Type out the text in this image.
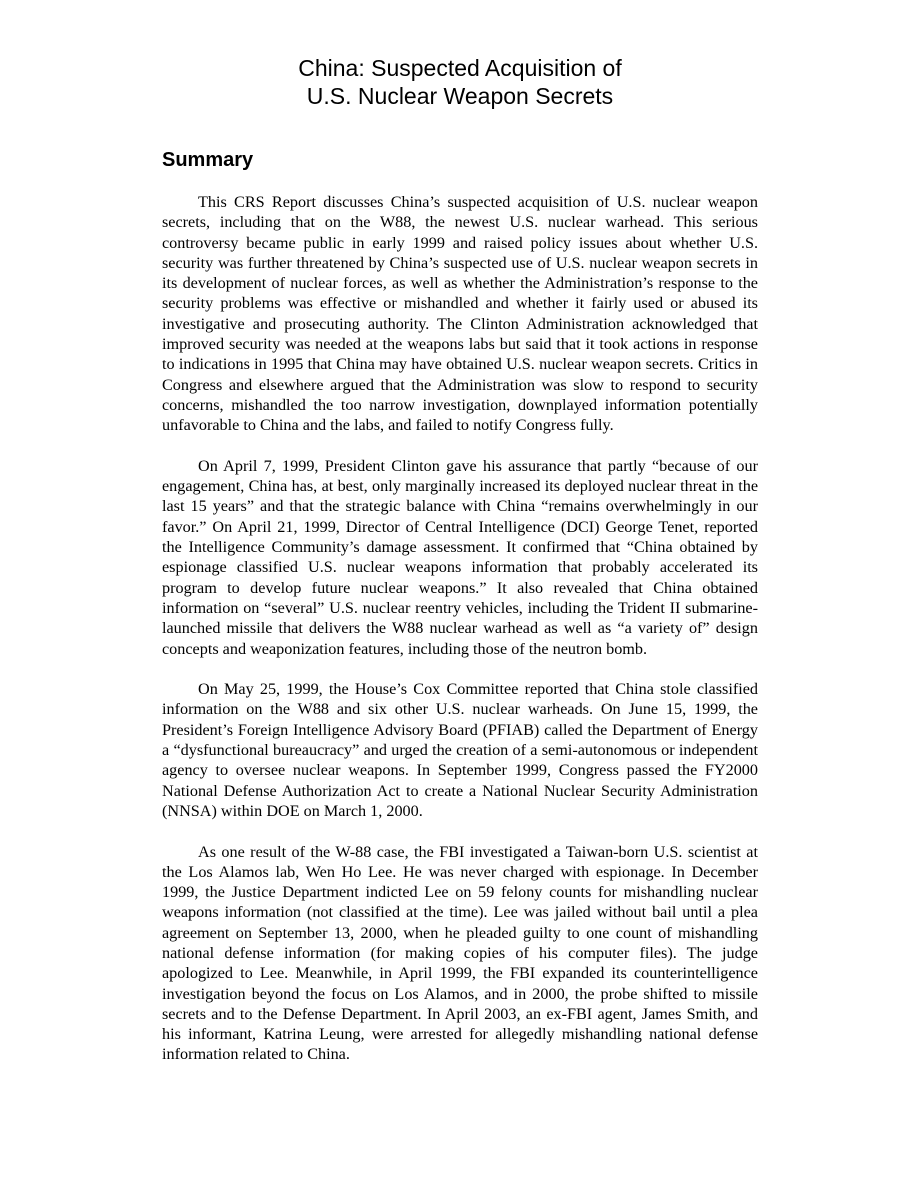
China: Suspected Acquisition of
U.S. Nuclear Weapon Secrets
Summary

This CRS Report discusses China’s suspected acquisition of U.S. nuclear weapon secrets, including that on the W88, the newest U.S. nuclear warhead. This serious controversy became public in early 1999 and raised policy issues about whether U.S. security was further threatened by China’s suspected use of U.S. nuclear weapon secrets in its development of nuclear forces, as well as whether the Administration’s response to the security problems was effective or mishandled and whether it fairly used or abused its investigative and prosecuting authority. The Clinton Administration acknowledged that improved security was needed at the weapons labs but said that it took actions in response to indications in 1995 that China may have obtained U.S. nuclear weapon secrets. Critics in Congress and elsewhere argued that the Administration was slow to respond to security concerns, mishandled the too narrow investigation, downplayed information potentially unfavorable to China and the labs, and failed to notify Congress fully.

On April 7, 1999, President Clinton gave his assurance that partly “because of our engagement, China has, at best, only marginally increased its deployed nuclear threat in the last 15 years” and that the strategic balance with China “remains overwhelmingly in our favor.” On April 21, 1999, Director of Central Intelligence (DCI) George Tenet, reported the Intelligence Community’s damage assessment. It confirmed that “China obtained by espionage classified U.S. nuclear weapons information that probably accelerated its program to develop future nuclear weapons.” It also revealed that China obtained information on “several” U.S. nuclear reentry vehicles, including the Trident II submarine-launched missile that delivers the W88 nuclear warhead as well as “a variety of” design concepts and weaponization features, including those of the neutron bomb.

On May 25, 1999, the House’s Cox Committee reported that China stole classified information on the W88 and six other U.S. nuclear warheads. On June 15, 1999, the President’s Foreign Intelligence Advisory Board (PFIAB) called the Department of Energy a “dysfunctional bureaucracy” and urged the creation of a semi-autonomous or independent agency to oversee nuclear weapons. In September 1999, Congress passed the FY2000 National Defense Authorization Act to create a National Nuclear Security Administration (NNSA) within DOE on March 1, 2000.

As one result of the W-88 case, the FBI investigated a Taiwan-born U.S. scientist at the Los Alamos lab, Wen Ho Lee. He was never charged with espionage. In December 1999, the Justice Department indicted Lee on 59 felony counts for mishandling nuclear weapons information (not classified at the time). Lee was jailed without bail until a plea agreement on September 13, 2000, when he pleaded guilty to one count of mishandling national defense information (for making copies of his computer files). The judge apologized to Lee. Meanwhile, in April 1999, the FBI expanded its counterintelligence investigation beyond the focus on Los Alamos, and in 2000, the probe shifted to missile secrets and to the Defense Department. In April 2003, an ex-FBI agent, James Smith, and his informant, Katrina Leung, were arrested for allegedly mishandling national defense information related to China.
